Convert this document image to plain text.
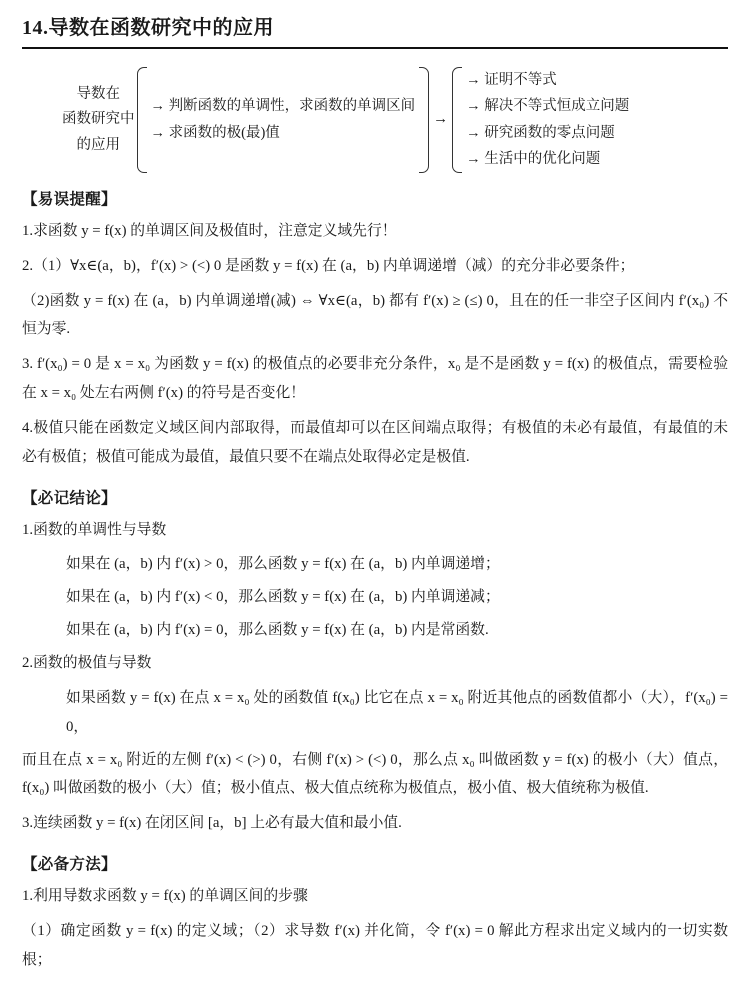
14.导数在函数研究中的应用
导数在
函数研究中
的应用
→ 判断函数的单调性，求函数的单调区间
→ 求函数的极(最)值
→
→ 证明不等式
→ 解决不等式恒成立问题
→ 研究函数的零点问题
→ 生活中的优化问题
【易误提醒】

1.求函数 y = f(x) 的单调区间及极值时，注意定义域先行！

2.（1）∀x∈(a，b)，f′(x) > (<) 0 是函数 y = f(x) 在 (a，b) 内单调递增（减）的充分非必要条件；

（2)函数 y = f(x) 在 (a，b) 内单调递增(减) ⇔ ∀x∈(a，b) 都有 f′(x) ≥ (≤) 0，且在的任一非空子区间内 f′(x₀) 不恒为零.

3. f′(x₀) = 0 是 x = x₀ 为函数 y = f(x) 的极值点的必要非充分条件，x₀ 是不是函数 y = f(x) 的极值点，需要检验在 x = x₀ 处左右两侧 f′(x) 的符号是否变化！

4.极值只能在函数定义域区间内部取得，而最值却可以在区间端点取得；有极值的未必有最值，有最值的未必有极值；极值可能成为最值，最值只要不在端点处取得必定是极值.

【必记结论】

1.函数的单调性与导数

如果在 (a，b) 内 f′(x) > 0，那么函数 y = f(x) 在 (a，b) 内单调递增；

如果在 (a，b) 内 f′(x) < 0，那么函数 y = f(x) 在 (a，b) 内单调递减；

如果在 (a，b) 内 f′(x) = 0，那么函数 y = f(x) 在 (a，b) 内是常函数.

2.函数的极值与导数

如果函数 y = f(x) 在点 x = x₀ 处的函数值 f(x₀) 比它在点 x = x₀ 附近其他点的函数值都小（大），f′(x₀) = 0，

而且在点 x = x₀ 附近的左侧 f′(x) < (>) 0，右侧 f′(x) > (<) 0，那么点 x₀ 叫做函数 y = f(x) 的极小（大）值点，f(x₀) 叫做函数的极小（大）值；极小值点、极大值点统称为极值点，极小值、极大值统称为极值.

3.连续函数 y = f(x) 在闭区间 [a，b] 上必有最大值和最小值.

【必备方法】

1.利用导数求函数 y = f(x) 的单调区间的步骤

（1）确定函数 y = f(x) 的定义域；（2）求导数 f′(x) 并化简，令 f′(x) = 0 解此方程求出定义域内的一切实数根；
